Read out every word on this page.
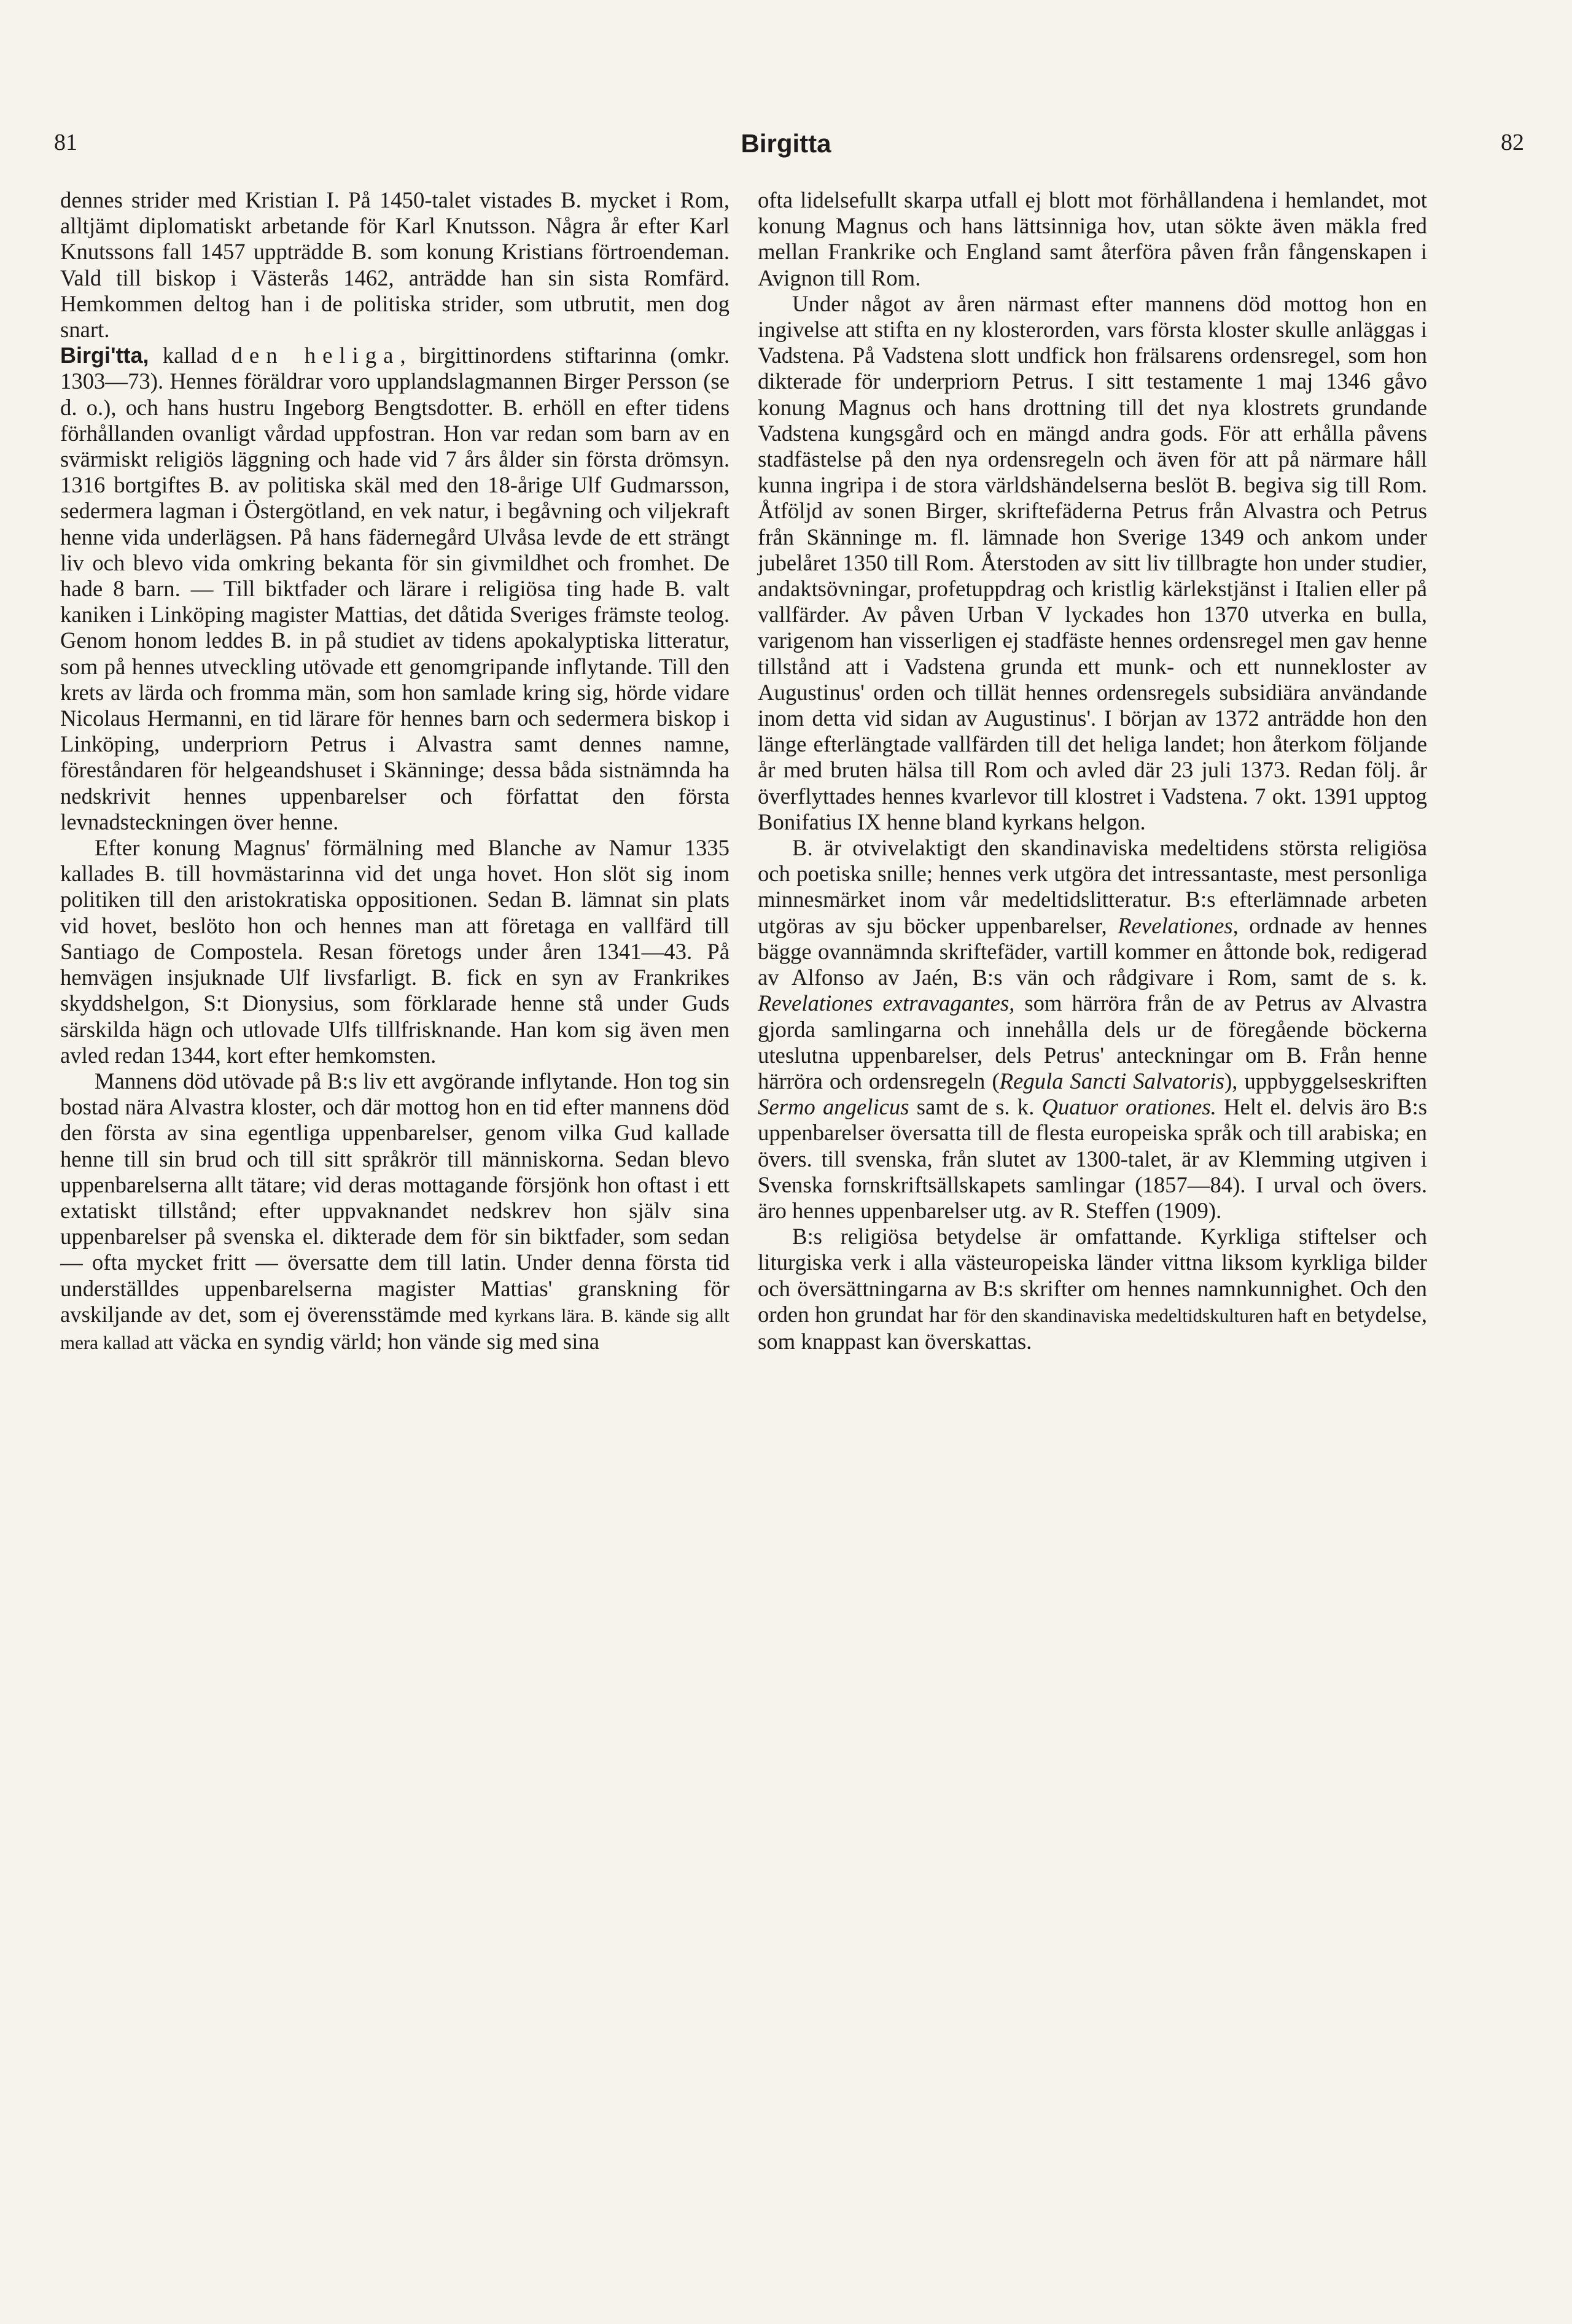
81	Birgitta	82

dennes strider med Kristian I. På 1450-talet vistades B. mycket i Rom, alltjämt diplomatiskt arbetande för Karl Knutsson. Några år efter Karl Knutssons fall 1457 uppträdde B. som konung Kristians förtroendeman. Vald till biskop i Västerås 1462, anträdde han sin sista Romfärd. Hemkommen deltog han i de politiska strider, som utbrutit, men dog snart.

Birgi'tta, kallad den heliga, birgittinordens stiftarinna (omkr. 1303—73). Hennes föräldrar voro upplandslagmannen Birger Persson (se d. o.), och hans hustru Ingeborg Bengtsdotter. B. erhöll en efter tidens förhållanden ovanligt vårdad uppfostran. Hon var redan som barn av en svärmiskt religiös läggning och hade vid 7 års ålder sin första drömsyn. 1316 bortgiftes B. av politiska skäl med den 18-årige Ulf Gudmarsson, sedermera lagman i Östergötland, en vek natur, i begåvning och viljekraft henne vida underlägsen. På hans fädernegård Ulvåsa levde de ett strängt liv och blevo vida omkring bekanta för sin givmildhet och fromhet. De hade 8 barn. — Till biktfader och lärare i religiösa ting hade B. valt kaniken i Linköping magister Mattias, det dåtida Sveriges främste teolog. Genom honom leddes B. in på studiet av tidens apokalyptiska litteratur, som på hennes utveckling utövade ett genomgripande inflytande. Till den krets av lärda och fromma män, som hon samlade kring sig, hörde vidare Nicolaus Hermanni, en tid lärare för hennes barn och sedermera biskop i Linköping, underpriorn Petrus i Alvastra samt dennes namne, föreståndaren för helgeandshuset i Skänninge; dessa båda sistnämnda ha nedskrivit hennes uppenbarelser och författat den första levnadsteckningen över henne.

Efter konung Magnus' förmälning med Blanche av Namur 1335 kallades B. till hovmästarinna vid det unga hovet. Hon slöt sig inom politiken till den aristokratiska oppositionen. Sedan B. lämnat sin plats vid hovet, beslöto hon och hennes man att företaga en vallfärd till Santiago de Compostela. Resan företogs under åren 1341—43. På hemvägen insjuknade Ulf livsfarligt. B. fick en syn av Frankrikes skyddshelgon, S:t Dionysius, som förklarade henne stå under Guds särskilda hägn och utlovade Ulfs tillfrisknande. Han kom sig även men avled redan 1344, kort efter hemkomsten.

Mannens död utövade på B:s liv ett avgörande inflytande. Hon tog sin bostad nära Alvastra kloster, och där mottog hon en tid efter mannens död den första av sina egentliga uppenbarelser, genom vilka Gud kallade henne till sin brud och till sitt språkrör till människorna. Sedan blevo uppenbarelserna allt tätare; vid deras mottagande försjönk hon oftast i ett extatiskt tillstånd; efter uppvaknandet nedskrev hon själv sina uppenbarelser på svenska el. dikterade dem för sin biktfader, som sedan — ofta mycket fritt — översatte dem till latin. Under denna första tid underställdes uppenbarelserna magister Mattias' granskning för avskiljande av det, som ej överensstämde med kyrkans lära. B. kände sig allt mera kallad att väcka en syndig värld; hon vände sig med sina

ofta lidelsefullt skarpa utfall ej blott mot förhållandena i hemlandet, mot konung Magnus och hans lättsinniga hov, utan sökte även mäkla fred mellan Frankrike och England samt återföra påven från fångenskapen i Avignon till Rom.

Under något av åren närmast efter mannens död mottog hon en ingivelse att stifta en ny klosterorden, vars första kloster skulle anläggas i Vadstena. På Vadstena slott undfick hon frälsarens ordensregel, som hon dikterade för underpriorn Petrus. I sitt testamente 1 maj 1346 gåvo konung Magnus och hans drottning till det nya klostrets grundande Vadstena kungsgård och en mängd andra gods. För att erhålla påvens stadfästelse på den nya ordensregeln och även för att på närmare håll kunna ingripa i de stora världshändelserna beslöt B. begiva sig till Rom. Åtföljd av sonen Birger, skriftefäderna Petrus från Alvastra och Petrus från Skänninge m. fl. lämnade hon Sverige 1349 och ankom under jubelåret 1350 till Rom. Återstoden av sitt liv tillbragte hon under studier, andaktsövningar, profetuppdrag och kristlig kärlekstjänst i Italien eller på vallfärder. Av påven Urban V lyckades hon 1370 utverka en bulla, varigenom han visserligen ej stadfäste hennes ordensregel men gav henne tillstånd att i Vadstena grunda ett munk- och ett nunnekloster av Augustinus' orden och tillät hennes ordensregels subsidiära användande inom detta vid sidan av Augustinus'. I början av 1372 anträdde hon den länge efterlängtade vallfärden till det heliga landet; hon återkom följande år med bruten hälsa till Rom och avled där 23 juli 1373. Redan följ. år överflyttades hennes kvarlevor till klostret i Vadstena. 7 okt. 1391 upptog Bonifatius IX henne bland kyrkans helgon.

B. är otvivelaktigt den skandinaviska medeltidens största religiösa och poetiska snille; hennes verk utgöra det intressantaste, mest personliga minnesmärket inom vår medeltidslitteratur. B:s efterlämnade arbeten utgöras av sju böcker uppenbarelser, Revelationes, ordnade av hennes bägge ovannämnda skriftefäder, vartill kommer en åttonde bok, redigerad av Alfonso av Jaén, B:s vän och rådgivare i Rom, samt de s. k. Revelationes extravagantes, som härröra från de av Petrus av Alvastra gjorda samlingarna och innehålla dels ur de föregående böckerna uteslutna uppenbarelser, dels Petrus' anteckningar om B. Från henne härröra och ordensregeln (Regula Sancti Salvatoris), uppbyggelseskriften Sermo angelicus samt de s. k. Quatuor orationes. Helt el. delvis äro B:s uppenbarelser översatta till de flesta europeiska språk och till arabiska; en övers. till svenska, från slutet av 1300-talet, är av Klemming utgiven i Svenska fornskriftsällskapets samlingar (1857—84). I urval och övers. äro hennes uppenbarelser utg. av R. Steffen (1909).

B:s religiösa betydelse är omfattande. Kyrkliga stiftelser och liturgiska verk i alla västeuropeiska länder vittna liksom kyrkliga bilder och översättningarna av B:s skrifter om hennes namnkunnighet. Och den orden hon grundat har för den skandinaviska medeltidskulturen haft en betydelse, som knappast kan överskattas.
